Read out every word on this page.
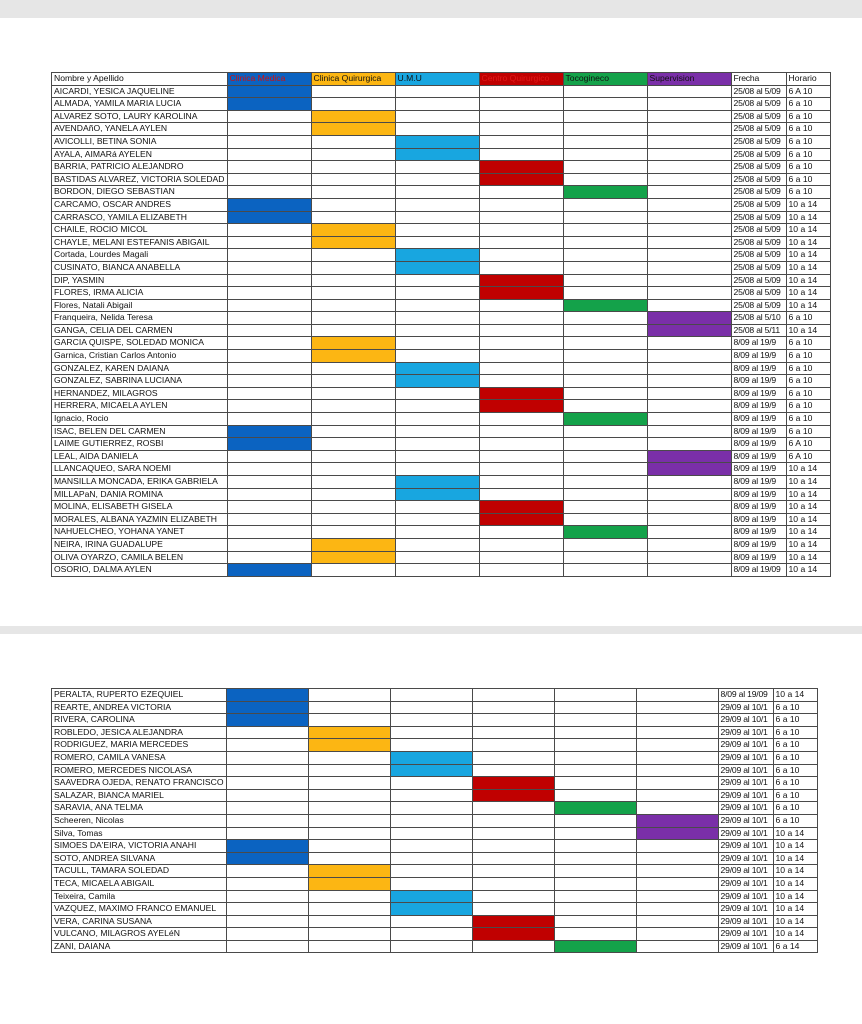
Nombre y Apellido	Clinica Medica	Clinica Quirurgica	U.M.U	Centro Quirurgico	Tocogineco	Supervision	Frecha	Horario
AICARDI, YESICA JAQUELINE							25/08 al 5/09	6 A 10
ALMADA, YAMILA MARIA LUCIA							25/08 al 5/09	6 a 10
ALVAREZ SOTO, LAURY KAROLINA							25/08 al 5/09	6 a 10
AVENDAñO, YANELA AYLEN							25/08 al 5/09	6 a 10
AVICOLLI, BETINA SONIA							25/08 al 5/09	6 a 10
AYALA, AIMARá AYELEN							25/08 al 5/09	6 a 10
BARRIA, PATRICIO ALEJANDRO							25/08 al 5/09	6 a 10
BASTIDAS ALVAREZ, VICTORIA SOLEDAD							25/08 al 5/09	6 a 10
BORDON, DIEGO SEBASTIAN							25/08 al 5/09	6 a 10
CARCAMO, OSCAR ANDRES							25/08 al 5/09	10 a 14
CARRASCO, YAMILA ELIZABETH							25/08 al 5/09	10 a 14
CHAILE, ROCIO MICOL							25/08 al 5/09	10 a 14
CHAYLE, MELANI ESTEFANIS ABIGAIL							25/08 al 5/09	10 a 14
Cortada, Lourdes Magali							25/08 al 5/09	10 a 14
CUSINATO, BIANCA ANABELLA							25/08 al 5/09	10 a 14
DIP, YASMIN							25/08 al 5/09	10 a 14
FLORES, IRMA ALICIA							25/08 al 5/09	10 a 14
Flores, Natali Abigail							25/08 al 5/09	10 a 14
Franqueira, Nelida Teresa							25/08 al 5/10	6 a 10
GANGA, CELIA DEL CARMEN							25/08 al 5/11	10 a 14
GARCIA QUISPE, SOLEDAD MONICA							8/09 al 19/9	6 a 10
Garnica, Cristian Carlos Antonio							8/09 al 19/9	6 a 10
GONZALEZ, KAREN DAIANA							8/09 al 19/9	6 a 10
GONZALEZ, SABRINA LUCIANA							8/09 al 19/9	6 a 10
HERNANDEZ, MILAGROS							8/09 al 19/9	6 a 10
HERRERA, MICAELA AYLEN							8/09 al 19/9	6 a 10
Ignacio, Rocio							8/09 al 19/9	6 a 10
ISAC, BELEN DEL CARMEN							8/09 al 19/9	6 a 10
LAIME GUTIERREZ, ROSBI							8/09 al 19/9	6 A 10
LEAL, AIDA DANIELA							8/09 al 19/9	6 A 10
LLANCAQUEO, SARA NOEMI							8/09 al 19/9	10 a 14
MANSILLA MONCADA, ERIKA GABRIELA							8/09 al 19/9	10 a 14
MILLAPaN, DANIA ROMINA							8/09 al 19/9	10 a 14
MOLINA, ELISABETH GISELA							8/09 al 19/9	10 a 14
MORALES, ALBANA YAZMIN ELIZABETH							8/09 al 19/9	10 a 14
NAHUELCHEO, YOHANA YANET							8/09 al 19/9	10 a 14
NEIRA, IRINA GUADALUPE							8/09 al 19/9	10 a 14
OLIVA OYARZO, CAMILA BELEN							8/09 al 19/9	10 a 14
OSORIO, DALMA AYLEN							8/09 al 19/09	10 a 14
PERALTA, RUPERTO EZEQUIEL							8/09 al 19/09	10 a 14
REARTE, ANDREA VICTORIA							29/09 al 10/1	6 a 10
RIVERA, CAROLINA							29/09 al 10/1	6 a 10
ROBLEDO, JESICA ALEJANDRA							29/09 al 10/1	6 a 10
RODRIGUEZ, MARIA MERCEDES							29/09 al 10/1	6 a 10
ROMERO, CAMILA VANESA							29/09 al 10/1	6 a 10
ROMERO, MERCEDES NICOLASA							29/09 al 10/1	6 a 10
SAAVEDRA OJEDA, RENATO FRANCISCO							29/09 al 10/1	6 a 10
SALAZAR, BIANCA MARIEL							29/09 al 10/1	6 a 10
SARAVIA, ANA TELMA							29/09 al 10/1	6 a 10
Scheeren, Nicolas							29/09 al 10/1	6 a 10
Silva, Tomas							29/09 al 10/1	10 a 14
SIMOES DA'EIRA, VICTORIA ANAHI							29/09 al 10/1	10 a 14
SOTO, ANDREA SILVANA							29/09 al 10/1	10 a 14
TACULL, TAMARA SOLEDAD							29/09 al 10/1	10 a 14
TECA, MICAELA ABIGAIL							29/09 al 10/1	10 a 14
Teixeira, Camila							29/09 al 10/1	10 a 14
VAZQUEZ, MAXIMO FRANCO EMANUEL							29/09 al 10/1	10 a 14
VERA, CARINA SUSANA							29/09 al 10/1	10 a 14
VULCANO, MILAGROS AYELéN							29/09 al 10/1	10 a 14
ZANI, DAIANA							29/09 al 10/1	6 a 14
